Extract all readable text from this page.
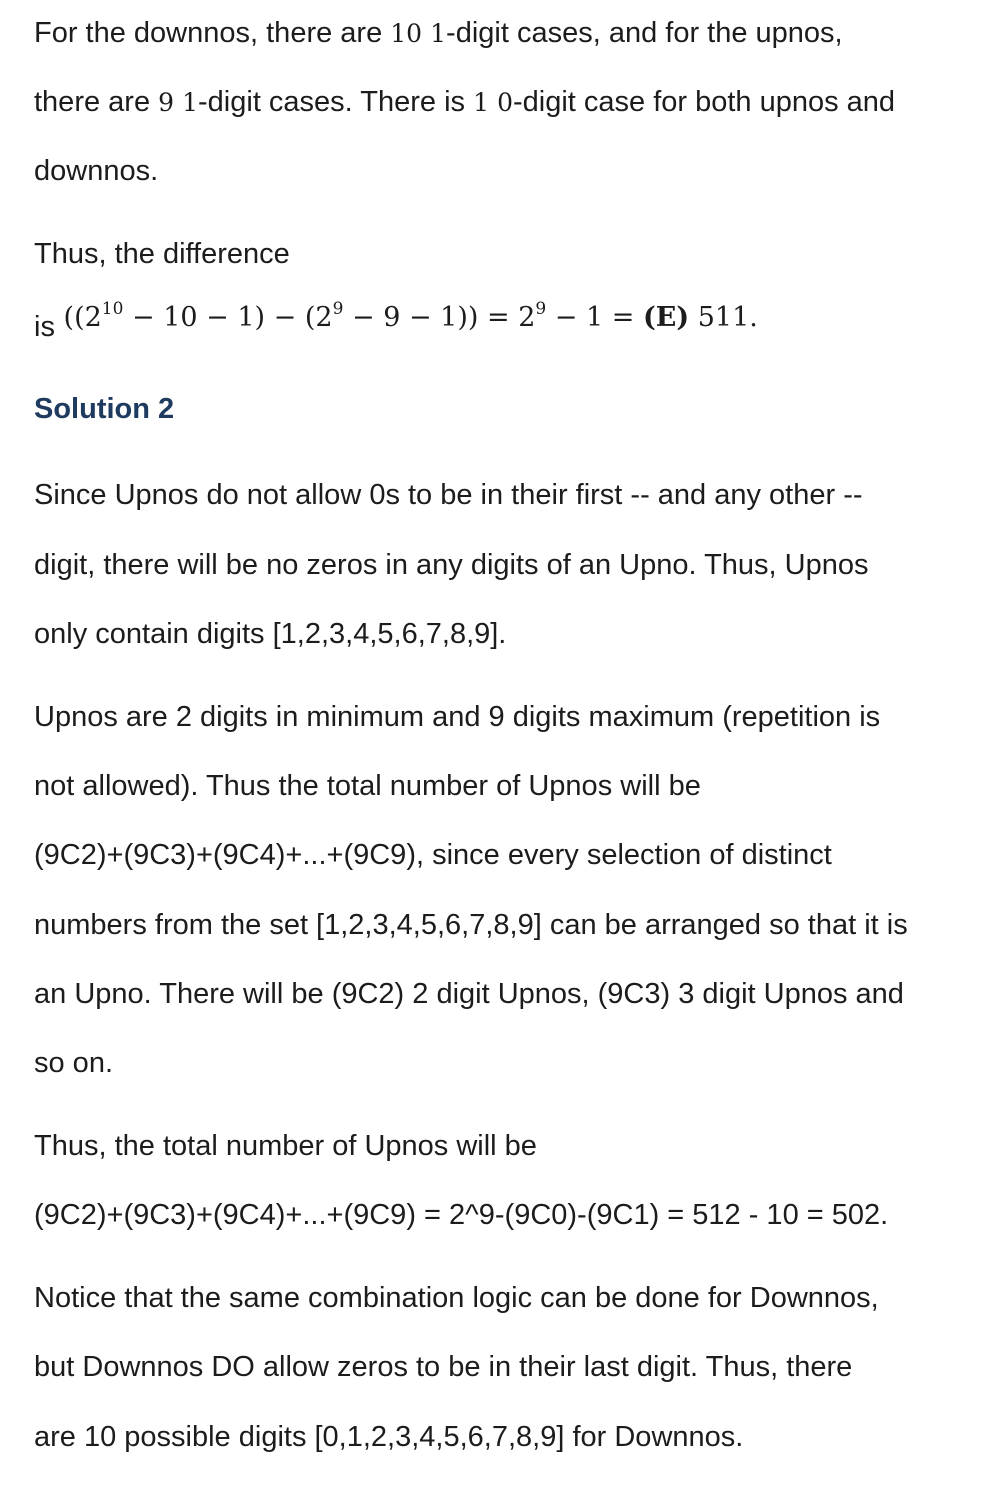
For the downnos, there are 10 1-digit cases, and for the upnos,
there are 9 1-digit cases. There is 1 0-digit case for both upnos and
downnos.
Thus, the difference
is $((2^{10} - 10 - 1) - (2^9 - 9 - 1)) = 2^9 - 1 = (E)$ 511.
Solution 2
Since Upnos do not allow 0s to be in their first -- and any other --
digit, there will be no zeros in any digits of an Upno. Thus, Upnos
only contain digits [1,2,3,4,5,6,7,8,9].
Upnos are 2 digits in minimum and 9 digits maximum (repetition is
not allowed). Thus the total number of Upnos will be
(9C2)+(9C3)+(9C4)+...+(9C9), since every selection of distinct
numbers from the set [1,2,3,4,5,6,7,8,9] can be arranged so that it is
an Upno. There will be (9C2) 2 digit Upnos, (9C3) 3 digit Upnos and
so on.
Thus, the total number of Upnos will be
(9C2)+(9C3)+(9C4)+...+(9C9) = 2^9-(9C0)-(9C1) = 512 - 10 = 502.
Notice that the same combination logic can be done for Downnos,
but Downnos DO allow zeros to be in their last digit. Thus, there
are 10 possible digits [0,1,2,3,4,5,6,7,8,9] for Downnos.
